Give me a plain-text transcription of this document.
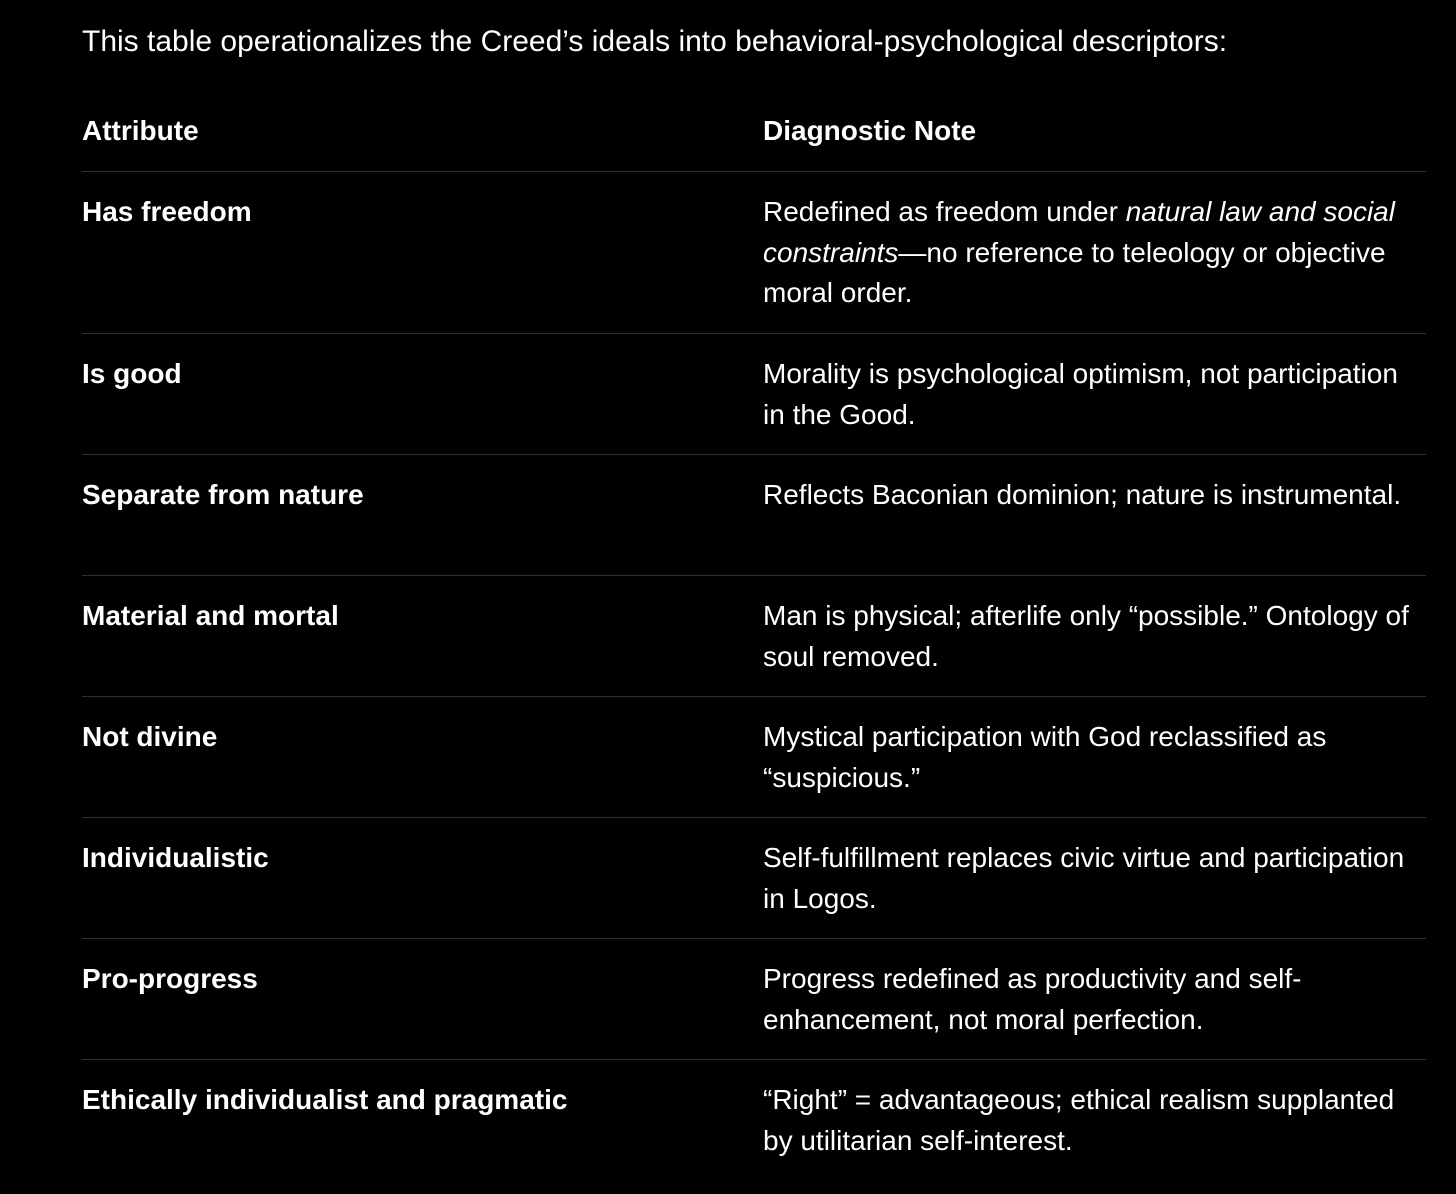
This table operationalizes the Creed’s ideals into behavioral-psychological descriptors:
Attribute	Diagnostic Note
Has freedom	Redefined as freedom under natural law and social constraints—no reference to teleology or objective moral order.
Is good	Morality is psychological optimism, not participation in the Good.
Separate from nature	Reflects Baconian dominion; nature is instrumental.
Material and mortal	Man is physical; afterlife only “possible.” Ontology of soul removed.
Not divine	Mystical participation with God reclassified as “suspicious.”
Individualistic	Self-fulfillment replaces civic virtue and participation in Logos.
Pro-progress	Progress redefined as productivity and self-enhancement, not moral perfection.
Ethically individualist and pragmatic	“Right” = advantageous; ethical realism supplanted by utilitarian self-interest.
